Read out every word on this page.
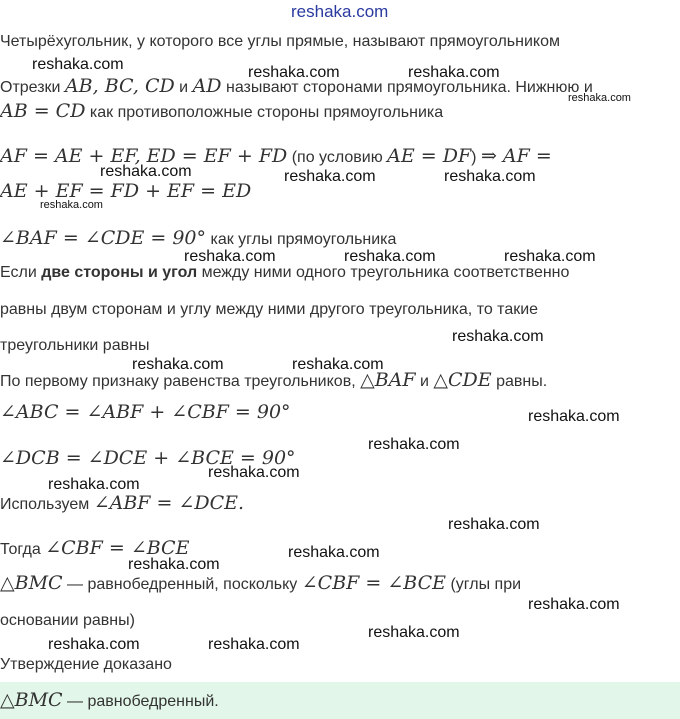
reshaka.com
Четырёхугольник, у которого все углы прямые, называют прямоугольником
Отрезки AB, BC, CD и AD называют сторонами прямоугольника. Нижнюю и
AB = CD как противоположные стороны прямоугольника
AF = AE + EF, ED = EF + FD (по условию AE = DF) ⇒ AF =
AE + EF = FD + EF = ED
∠BAF = ∠CDE = 90° как углы прямоугольника
Если две стороны и угол между ними одного треугольника соответственно
равны двум сторонам и углу между ними другого треугольника, то такие
треугольники равны
По первому признаку равенства треугольников, △BAF и △CDE равны.
∠ABC = ∠ABF + ∠CBF = 90°
∠DCB = ∠DCE + ∠BCE = 90°
Используем ∠ABF = ∠DCE.
Тогда ∠CBF = ∠BCE
△BMC — равнобедренный, поскольку ∠CBF = ∠BCE (углы при
основании равны)
Утверждение доказано
△BMC — равнобедренный.
reshaka.com	reshaka.com	reshaka.com
reshaka.com
reshaka.com	reshaka.com	reshaka.com
reshaka.com
reshaka.com	reshaka.com	reshaka.com
reshaka.com
reshaka.com	reshaka.com
reshaka.com
reshaka.com
reshaka.com
reshaka.com
reshaka.com
reshaka.com
reshaka.com
reshaka.com
reshaka.com
reshaka.com	reshaka.com
